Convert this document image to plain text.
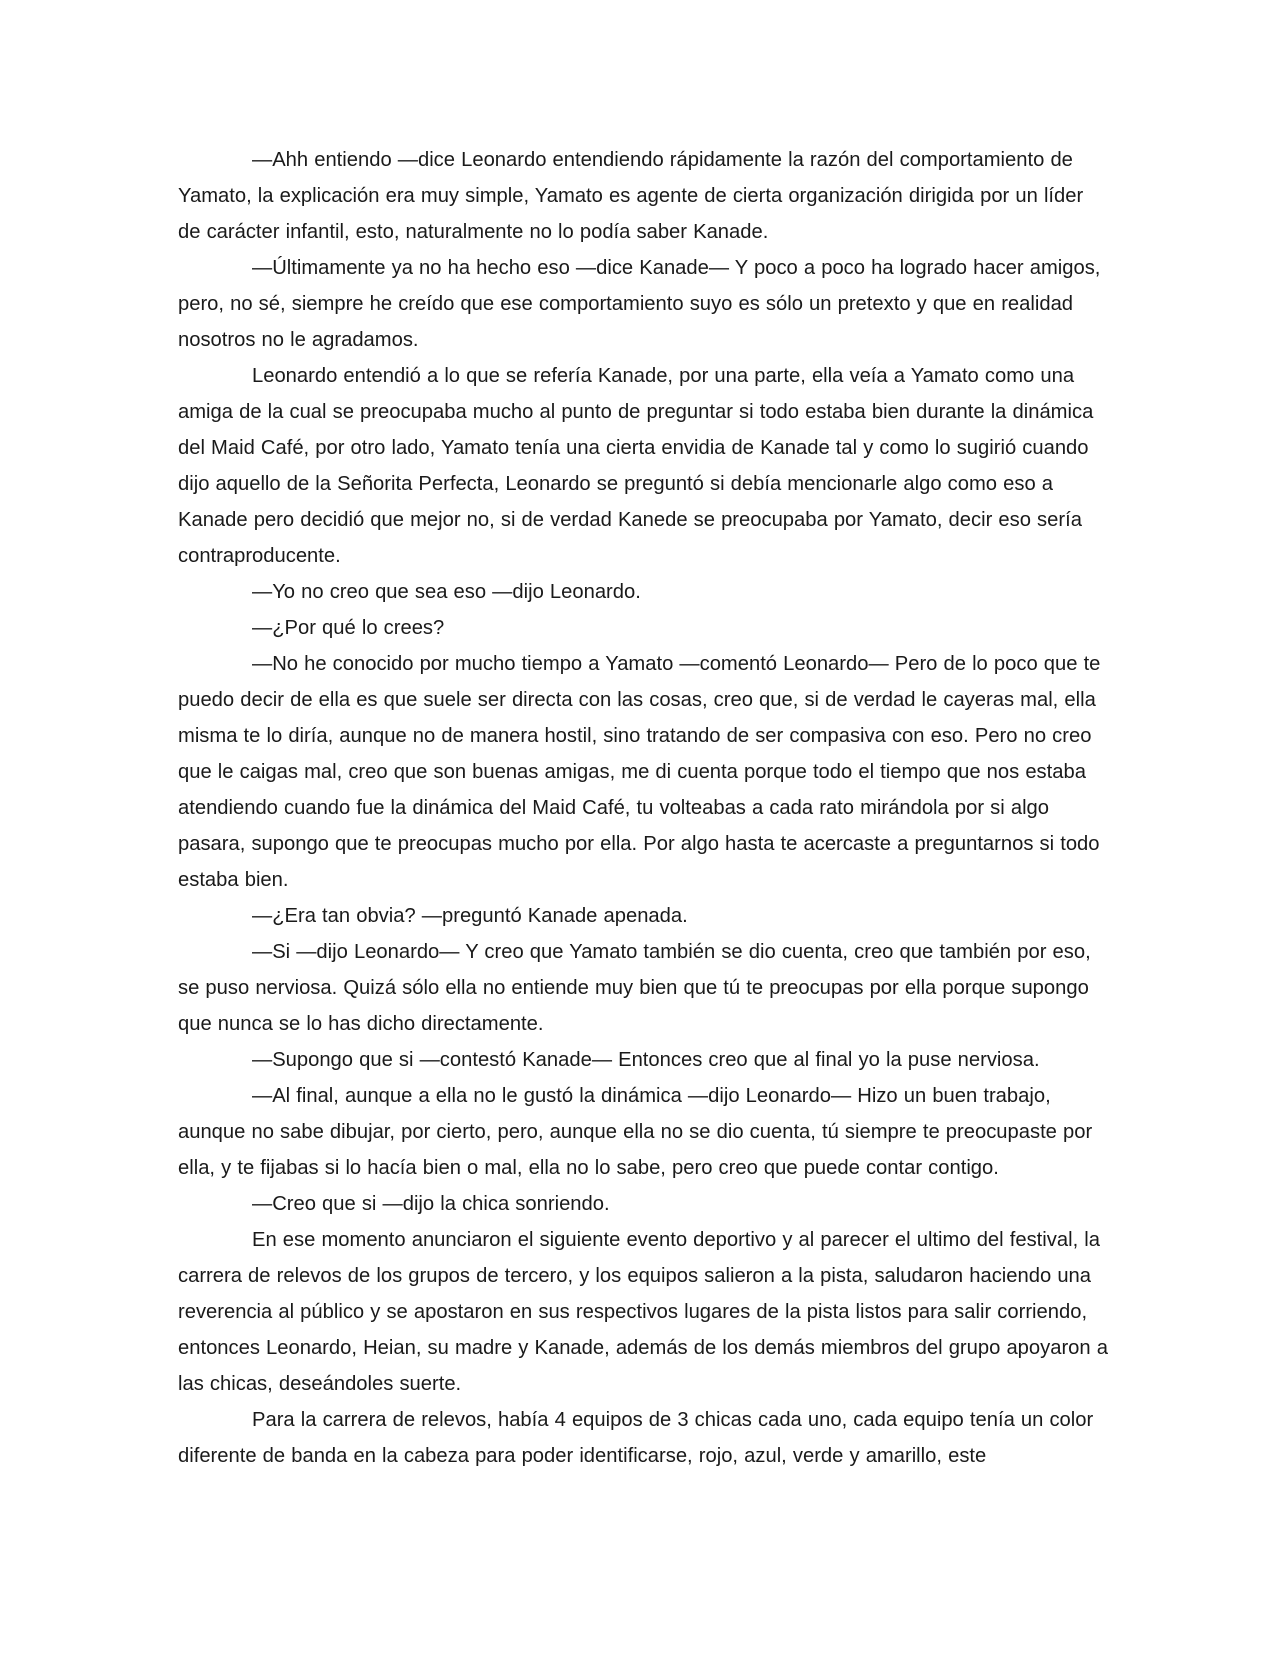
—Ahh entiendo —dice Leonardo entendiendo rápidamente la razón del comportamiento de Yamato, la explicación era muy simple, Yamato es agente de cierta organización dirigida por un líder de carácter infantil, esto, naturalmente no lo podía saber Kanade.

—Últimamente ya no ha hecho eso —dice Kanade— Y poco a poco ha logrado hacer amigos, pero, no sé, siempre he creído que ese comportamiento suyo es sólo un pretexto y que en realidad nosotros no le agradamos.

Leonardo entendió a lo que se refería Kanade, por una parte, ella veía a Yamato como una amiga de la cual se preocupaba mucho al punto de preguntar si todo estaba bien durante la dinámica del Maid Café, por otro lado, Yamato tenía una cierta envidia de Kanade tal y como lo sugirió cuando dijo aquello de la Señorita Perfecta, Leonardo se preguntó si debía mencionarle algo como eso a Kanade pero decidió que mejor no, si de verdad Kanede se preocupaba por Yamato, decir eso sería contraproducente.

—Yo no creo que sea eso —dijo Leonardo.

—¿Por qué lo crees?

—No he conocido por mucho tiempo a Yamato —comentó Leonardo— Pero de lo poco que te puedo decir de ella es que suele ser directa con las cosas, creo que, si de verdad le cayeras mal, ella misma te lo diría, aunque no de manera hostil, sino tratando de ser compasiva con eso. Pero no creo que le caigas mal, creo que son buenas amigas, me di cuenta porque todo el tiempo que nos estaba atendiendo cuando fue la dinámica del Maid Café, tu volteabas a cada rato mirándola por si algo pasara, supongo que te preocupas mucho por ella. Por algo hasta te acercaste a preguntarnos si todo estaba bien.

—¿Era tan obvia? —preguntó Kanade apenada.

—Si —dijo Leonardo— Y creo que Yamato también se dio cuenta, creo que también por eso, se puso nerviosa. Quizá sólo ella no entiende muy bien que tú te preocupas por ella porque supongo que nunca se lo has dicho directamente.

—Supongo que si —contestó Kanade— Entonces creo que al final yo la puse nerviosa.

—Al final, aunque a ella no le gustó la dinámica —dijo Leonardo— Hizo un buen trabajo, aunque no sabe dibujar, por cierto, pero, aunque ella no se dio cuenta, tú siempre te preocupaste por ella, y te fijabas si lo hacía bien o mal, ella no lo sabe, pero creo que puede contar contigo.

—Creo que si —dijo la chica sonriendo.

En ese momento anunciaron el siguiente evento deportivo y al parecer el ultimo del festival, la carrera de relevos de los grupos de tercero, y los equipos salieron a la pista, saludaron haciendo una reverencia al público y se apostaron en sus respectivos lugares de la pista listos para salir corriendo, entonces Leonardo, Heian, su madre y Kanade, además de los demás miembros del grupo apoyaron a las chicas, deseándoles suerte.

Para la carrera de relevos, había 4 equipos de 3 chicas cada uno, cada equipo tenía un color diferente de banda en la cabeza para poder identificarse, rojo, azul, verde y amarillo, este
